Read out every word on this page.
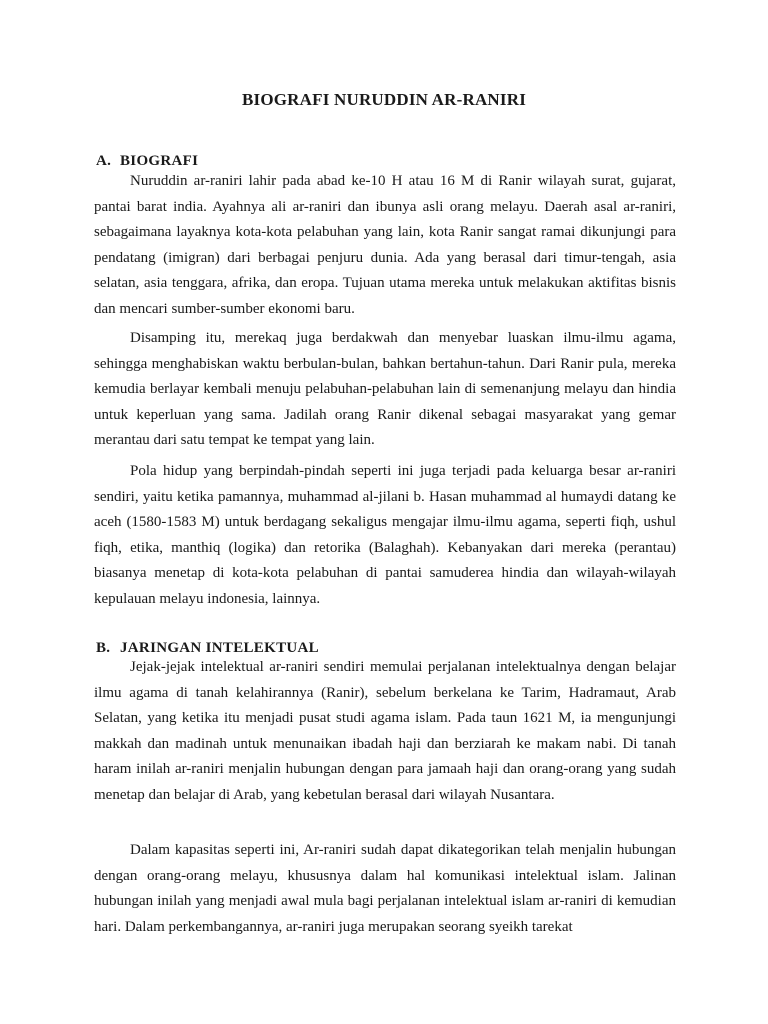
BIOGRAFI NURUDDIN AR-RANIRI
A. BIOGRAFI

Nuruddin ar-raniri lahir pada abad ke-10 H atau 16 M di Ranir wilayah surat, gujarat, pantai barat india. Ayahnya ali ar-raniri dan ibunya asli orang melayu. Daerah asal ar-raniri, sebagaimana layaknya kota-kota pelabuhan yang lain, kota Ranir sangat ramai dikunjungi para pendatang (imigran) dari berbagai penjuru dunia. Ada yang berasal dari timur-tengah, asia selatan, asia tenggara, afrika, dan eropa. Tujuan utama mereka untuk melakukan aktifitas bisnis dan mencari sumber-sumber ekonomi baru.

Disamping itu, merekaq juga berdakwah dan menyebar luaskan ilmu-ilmu agama, sehingga menghabiskan waktu berbulan-bulan, bahkan bertahun-tahun. Dari Ranir pula, mereka kemudia berlayar kembali menuju pelabuhan-pelabuhan lain di semenanjung melayu dan hindia untuk keperluan yang sama. Jadilah orang Ranir dikenal sebagai masyarakat yang gemar merantau dari satu tempat ke tempat yang lain.

Pola hidup yang berpindah-pindah seperti ini juga terjadi pada keluarga besar ar-raniri sendiri, yaitu ketika pamannya, muhammad al-jilani b. Hasan muhammad al humaydi datang ke aceh (1580-1583 M) untuk berdagang sekaligus mengajar ilmu-ilmu agama, seperti fiqh, ushul fiqh, etika, manthiq (logika) dan retorika (Balaghah). Kebanyakan dari mereka (perantau) biasanya menetap di kota-kota pelabuhan di pantai samuderea hindia dan wilayah-wilayah kepulauan melayu indonesia, lainnya.

B. JARINGAN INTELEKTUAL

Jejak-jejak intelektual ar-raniri sendiri memulai perjalanan intelektualnya dengan belajar ilmu agama di tanah kelahirannya (Ranir), sebelum berkelana ke Tarim, Hadramaut, Arab Selatan, yang ketika itu menjadi pusat studi agama islam. Pada taun 1621 M, ia mengunjungi makkah dan madinah untuk menunaikan ibadah haji dan berziarah ke makam nabi. Di tanah haram inilah ar-raniri menjalin hubungan dengan para jamaah haji dan orang-orang yang sudah menetap dan belajar di Arab, yang kebetulan berasal dari wilayah Nusantara.

Dalam kapasitas seperti ini, Ar-raniri sudah dapat dikategorikan telah menjalin hubungan dengan orang-orang melayu, khususnya dalam hal komunikasi intelektual islam. Jalinan hubungan inilah yang menjadi awal mula bagi perjalanan intelektual islam ar-raniri di kemudian hari. Dalam perkembangannya, ar-raniri juga merupakan seorang syeikh tarekat
